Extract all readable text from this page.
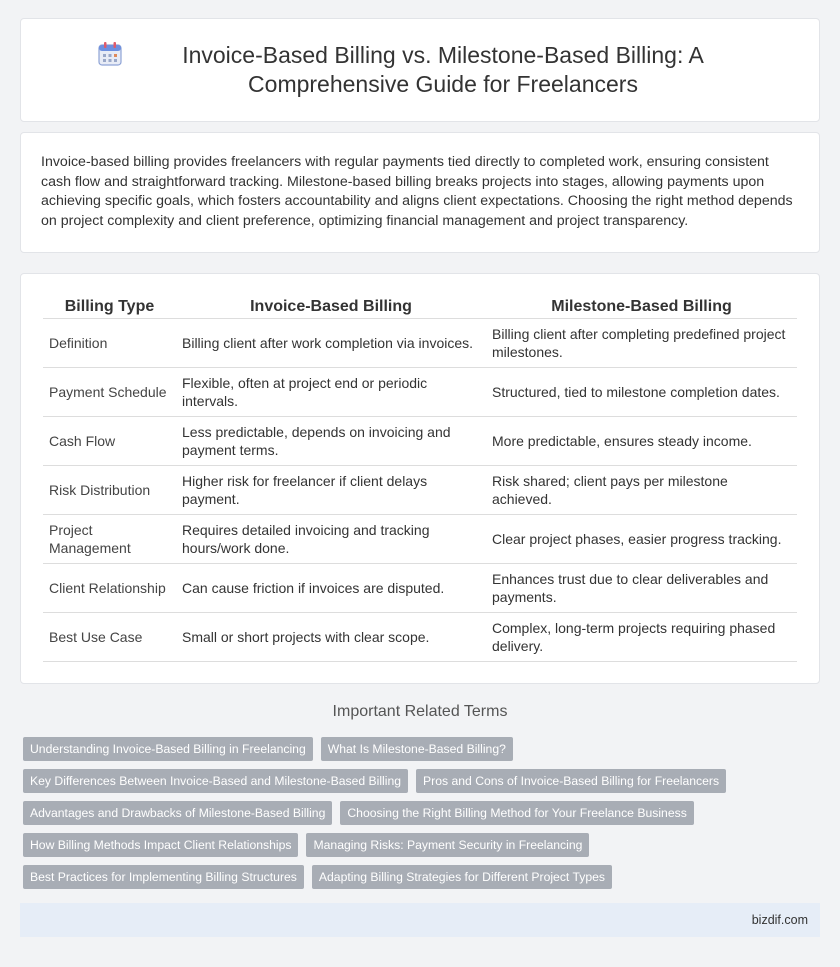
Invoice-Based Billing vs. Milestone-Based Billing: A Comprehensive Guide for Freelancers

Invoice-based billing provides freelancers with regular payments tied directly to completed work, ensuring consistent cash flow and straightforward tracking. Milestone-based billing breaks projects into stages, allowing payments upon achieving specific goals, which fosters accountability and aligns client expectations. Choosing the right method depends on project complexity and client preference, optimizing financial management and project transparency.

Billing Type	Invoice-Based Billing	Milestone-Based Billing
Definition	Billing client after work completion via invoices.	Billing client after completing predefined project milestones.
Payment Schedule	Flexible, often at project end or periodic intervals.	Structured, tied to milestone completion dates.
Cash Flow	Less predictable, depends on invoicing and payment terms.	More predictable, ensures steady income.
Risk Distribution	Higher risk for freelancer if client delays payment.	Risk shared; client pays per milestone achieved.
Project Management	Requires detailed invoicing and tracking hours/work done.	Clear project phases, easier progress tracking.
Client Relationship	Can cause friction if invoices are disputed.	Enhances trust due to clear deliverables and payments.
Best Use Case	Small or short projects with clear scope.	Complex, long-term projects requiring phased delivery.
Important Related Terms
Understanding Invoice-Based Billing in Freelancing	What Is Milestone-Based Billing?
Key Differences Between Invoice-Based and Milestone-Based Billing	Pros and Cons of Invoice-Based Billing for Freelancers
Advantages and Drawbacks of Milestone-Based Billing	Choosing the Right Billing Method for Your Freelance Business
How Billing Methods Impact Client Relationships	Managing Risks: Payment Security in Freelancing
Best Practices for Implementing Billing Structures	Adapting Billing Strategies for Different Project Types
bizdif.com
